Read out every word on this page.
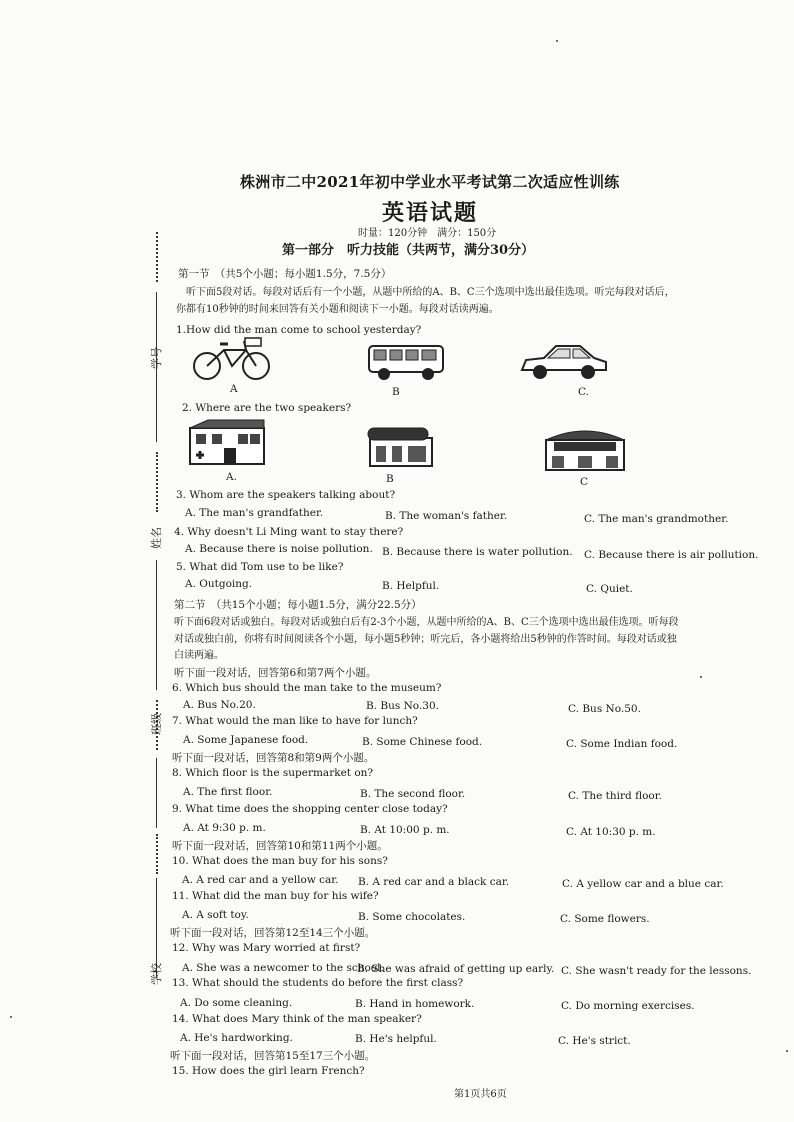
学号
姓名
班级
学校
株洲市二中2021年初中学业水平考试第二次适应性训练
英语试题
时量：120分钟　满分：150分
第一部分　听力技能（共两节，满分30分）
第一节　（共5个小题；每小题1.5分，7.5分）
听下面5段对话。每段对话后有一个小题，从题中所给的A、B、C三个选项中选出最佳选项。听完每段对话后，
你都有10秒钟的时间来回答有关小题和阅读下一小题。每段对话读两遍。
1.How did the man come to school yesterday?
A	B	C.
2. Where are the two speakers?
A.	B	C
3. Whom are the speakers talking about?
A. The man's grandfather.	B. The woman's father.	C. The man's grandmother.
4. Why doesn't Li Ming want to stay there?
A. Because there is noise pollution. B. Because there is water pollution. C. Because there is air pollution.
5. What did Tom use to be like?
A. Outgoing.	B. Helpful.	C. Quiet.
第二节　（共15个小题；每小题1.5分，满分22.5分）
听下面6段对话或独白。每段对话或独白后有2-3个小题，从题中所给的A、B、C三个选项中选出最佳选项。听每段
对话或独白前，你将有时间阅读各个小题，每小题5秒钟；听完后，各小题将给出5秒钟的作答时间。每段对话或独
白读两遍。
听下面一段对话，回答第6和第7两个小题。
6. Which bus should the man take to the museum?
A. Bus No.20.	B. Bus No.30.	C. Bus No.50.
7. What would the man like to have for lunch?
A. Some Japanese food.	B. Some Chinese food.	C. Some Indian food.
听下面一段对话，回答第8和第9两个小题。
8. Which floor is the supermarket on?
A. The first floor.	B. The second floor.	C. The third floor.
9. What time does the shopping center close today?
A. At 9:30 p. m.	B. At 10:00 p. m.	C. At 10:30 p. m.
听下面一段对话，回答第10和第11两个小题。
10. What does the man buy for his sons?
A. A red car and a yellow car. B. A red car and a black car.	C. A yellow car and a blue car.
11. What did the man buy for his wife?
A. A soft toy.	B. Some chocolates.	C. Some flowers.
听下面一段对话，回答第12至14三个小题。
12. Why was Mary worried at first?
A. She was a newcomer to the school.
B. She was afraid of getting up early. C. She wasn't ready for the lessons.
13. What should the students do before the first class?
A. Do some cleaning.	B. Hand in homework.	C. Do morning exercises.
14. What does Mary think of the man speaker?
A. He's hardworking.	B. He's helpful.	C. He's strict.
听下面一段对话，回答第15至17三个小题。
15. How does the girl learn French?
第1页共6页
